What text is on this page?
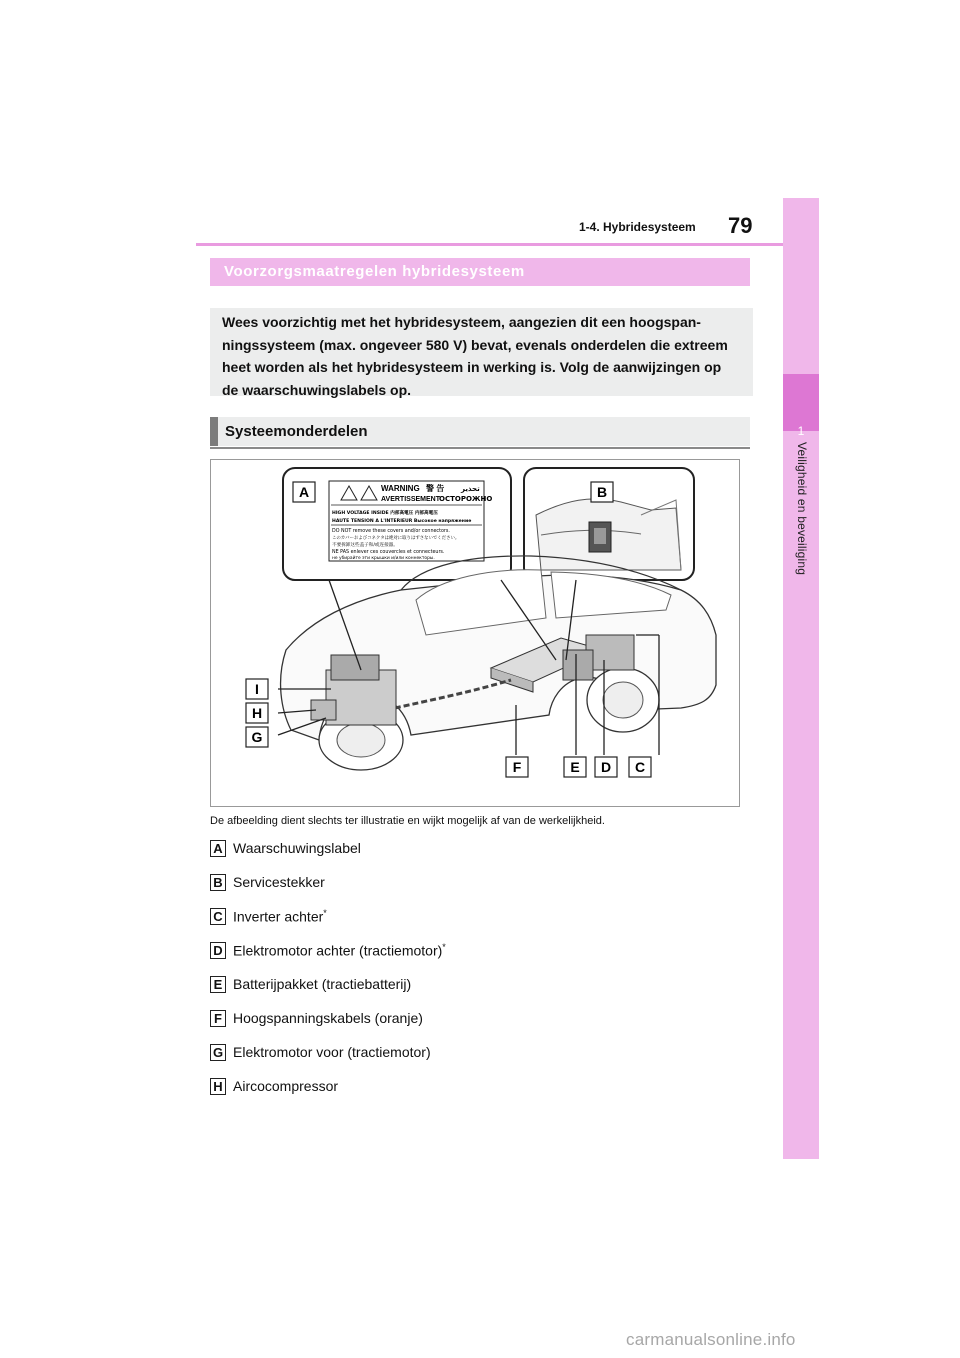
1
Veiligheid en beveiliging
1-4. Hybridesysteem 79
Voorzorgsmaatregelen hybridesysteem
Wees voorzichtig met het hybridesysteem, aangezien dit een hoogspan-
ningssysteem (max. ongeveer 580 V) bevat, evenals onderdelen die extreem
heet worden als het hybridesysteem in werking is. Volg de aanwijzingen op
de waarschuwingslabels op.
Systeemonderdelen
WARNING 警 告 تحذير
AVERTISSEMENT ОСТОРОЖНО
HIGH VOLTAGE INSIDE 内部高電圧 内部高電压
HAUTE TENSION A L'INTERIEUR Высокое напряжение
DO NOT remove these covers and/or connectors.
このカバーおよびコネクタは絶対に取りはずさないでください。
不要拆卸这些盖子和/或连接器。
NE PAS enlever ces couvercles et connecteurs.
не убирайте эти крышки и/или коннекторы.
A	B
F	E D C
I
H
G
De afbeelding dient slechts ter illustratie en wijkt mogelijk af van de werkelijkheid.
A Waarschuwingslabel
B Servicestekker
C Inverter achter*
D Elektromotor achter (tractiemotor)*
E Batterijpakket (tractiebatterij)
F Hoogspanningskabels (oranje)
G Elektromotor voor (tractiemotor)
H Aircocompressor
carmanualsonline.info
